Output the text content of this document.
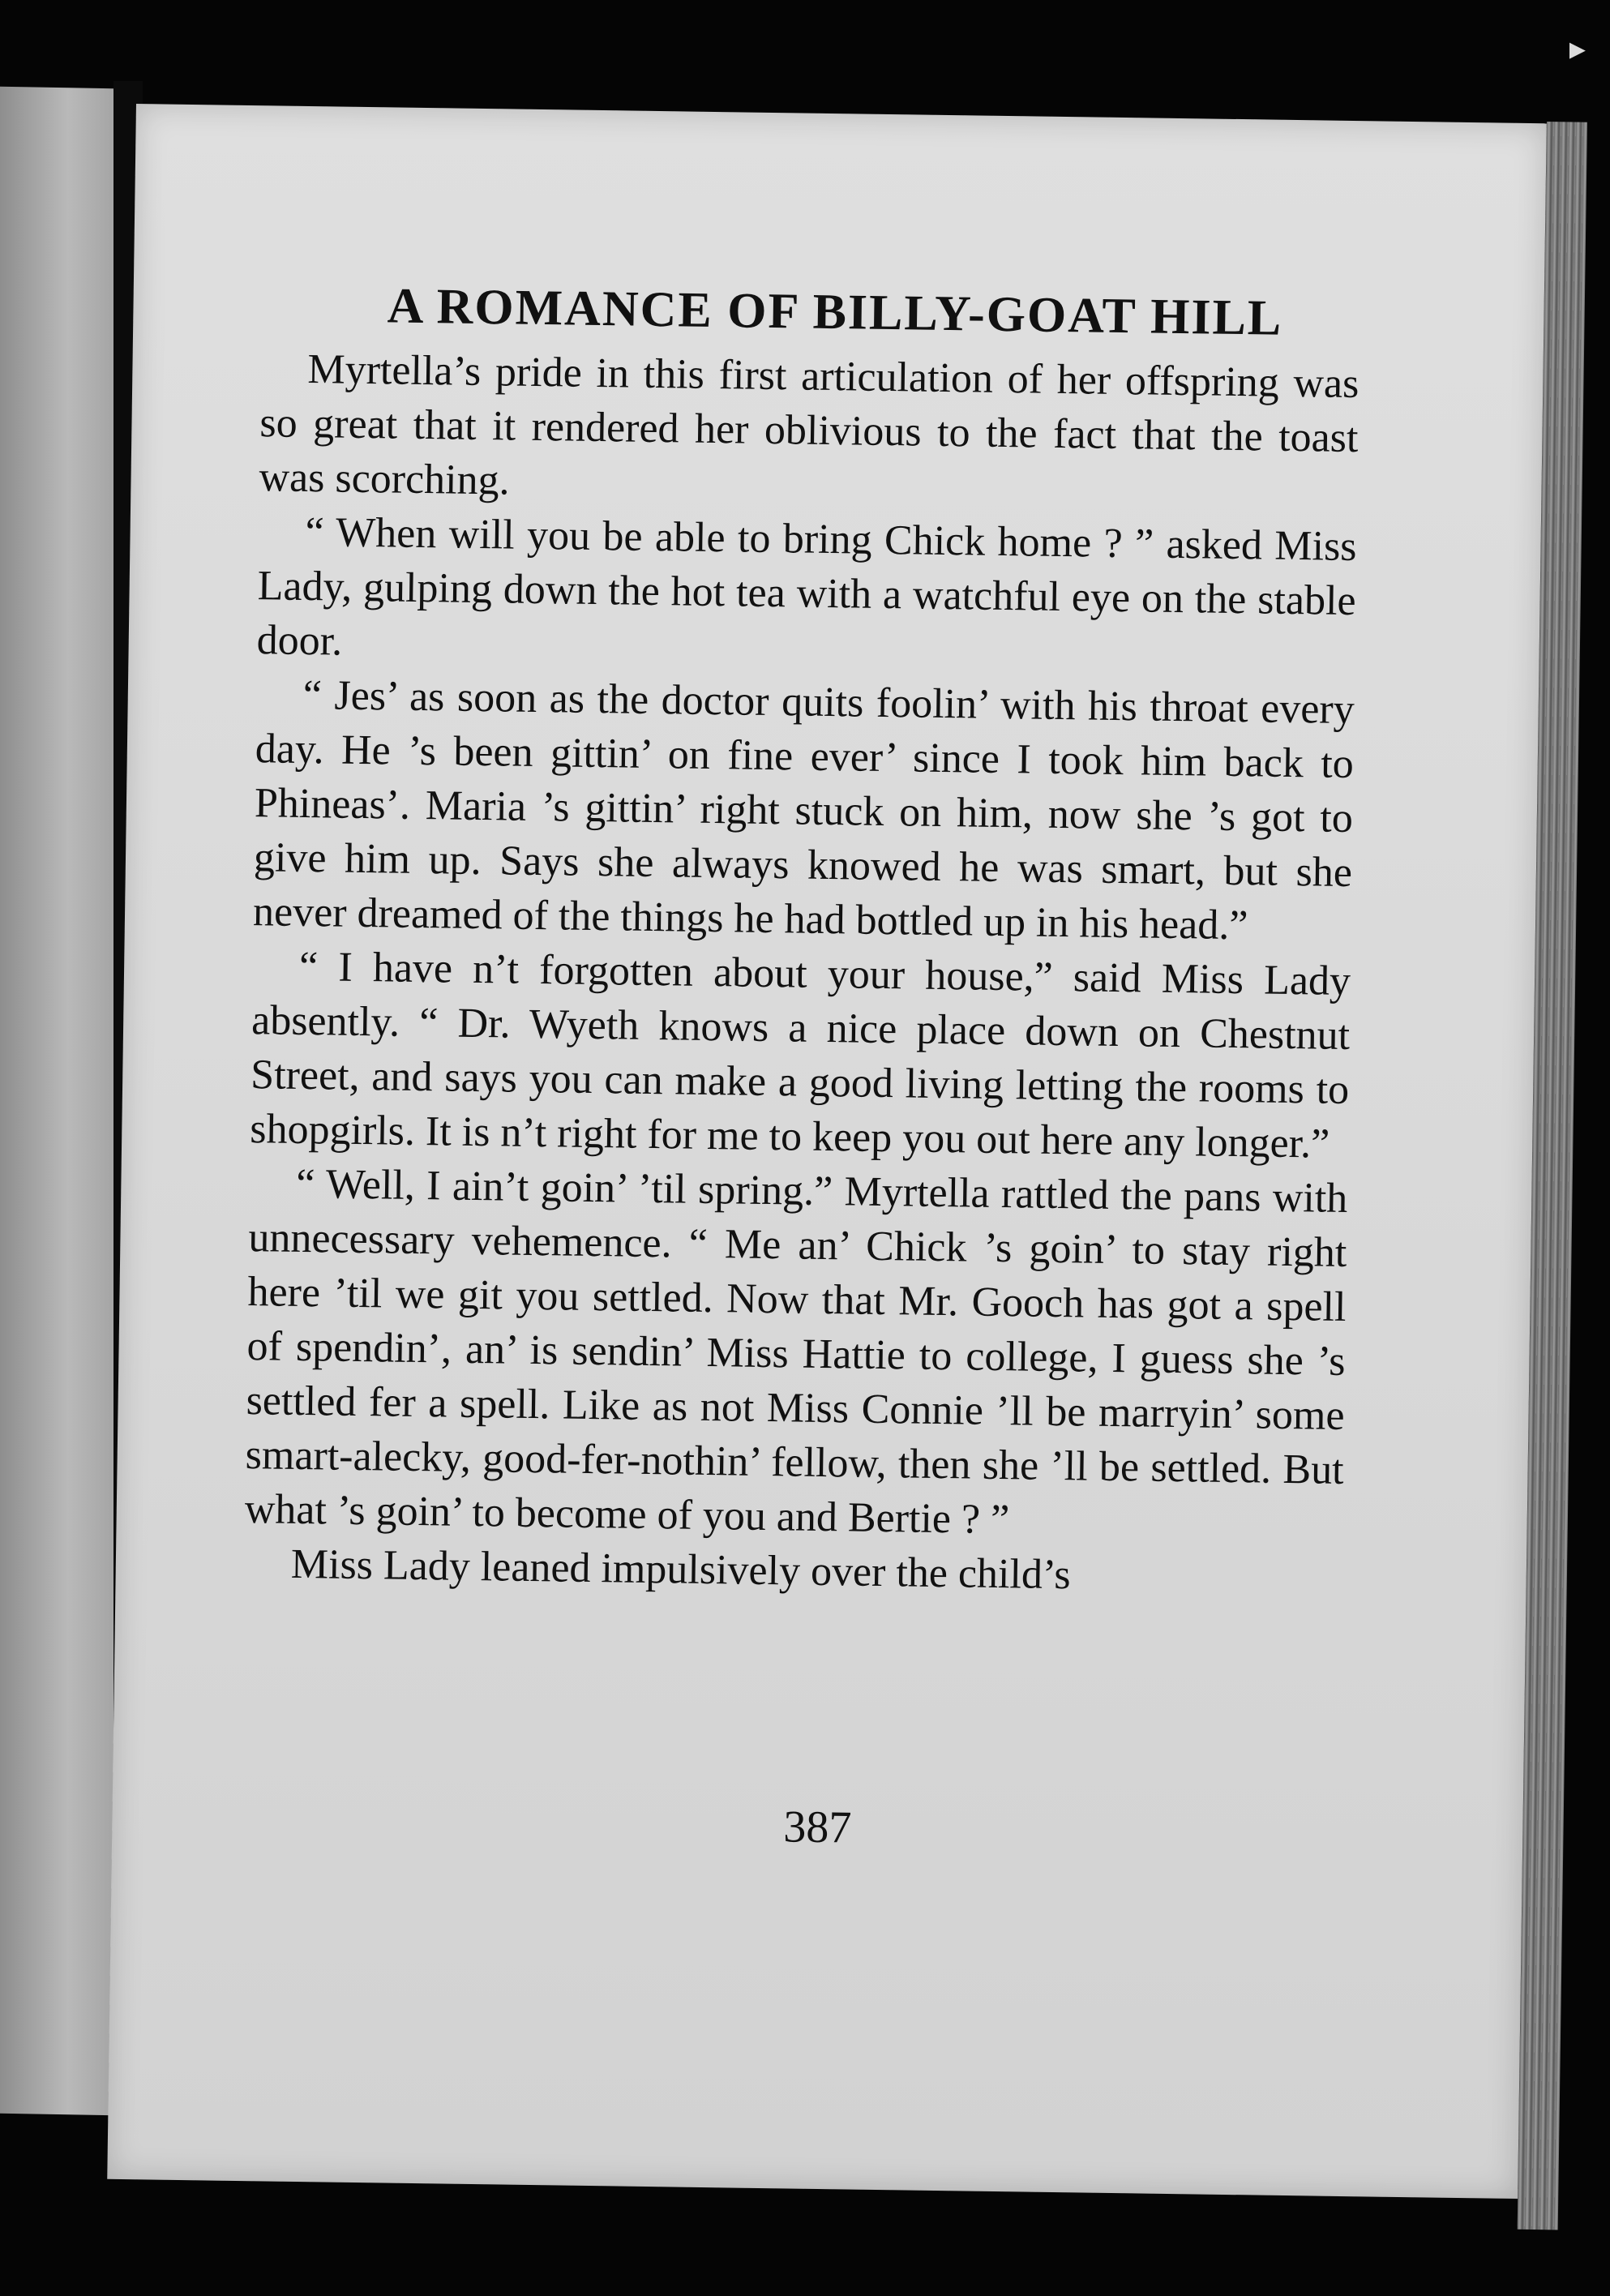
▸
A ROMANCE OF BILLY-GOAT HILL

Myrtella’s pride in this first articulation of her offspring was so great that it rendered her oblivious to the fact that the toast was scorching.

“ When will you be able to bring Chick home ? ” asked Miss Lady, gulping down the hot tea with a watchful eye on the stable door.

“ Jes’ as soon as the doctor quits foolin’ with his throat every day. He ’s been gittin’ on fine ever’ since I took him back to Phineas’. Maria ’s gittin’ right stuck on him, now she ’s got to give him up. Says she always knowed he was smart, but she never dreamed of the things he had bottled up in his head.”

“ I have n’t forgotten about your house,” said Miss Lady absently. “ Dr. Wyeth knows a nice place down on Chestnut Street, and says you can make a good living letting the rooms to shopgirls. It is n’t right for me to keep you out here any longer.”

“ Well, I ain’t goin’ ’til spring.” Myrtella rattled the pans with unnecessary vehemence. “ Me an’ Chick ’s goin’ to stay right here ’til we git you settled. Now that Mr. Gooch has got a spell of spendin’, an’ is sendin’ Miss Hattie to college, I guess she ’s settled fer a spell. Like as not Miss Connie ’ll be marryin’ some smart-alecky, good-fer-nothin’ fellow, then she ’ll be settled. But what ’s goin’ to become of you and Bertie ? ”

Miss Lady leaned impulsively over the child’s

387
